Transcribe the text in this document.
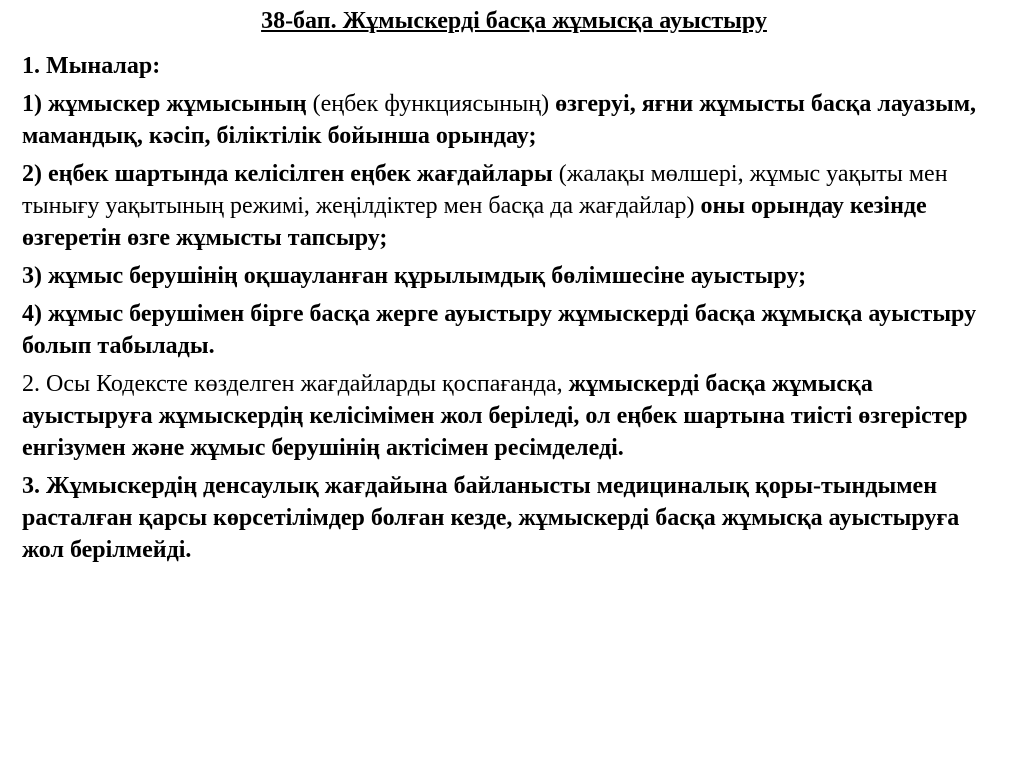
38-бап. Жұмыскерді басқа жұмысқа ауыстыру
1. Мыналар:
1) жұмыскер жұмысының (еңбек функциясының) өзгеруі, яғни жұмысты басқа лауазым, мамандық, кәсіп, біліктілік бойынша орындау;
2) еңбек шартында келісілген еңбек жағдайлары (жалақы мөлшері, жұмыс уақыты мен тынығу уақытының режимі, жеңілдіктер мен басқа да жағдайлар) оны орындау кезінде өзгеретін өзге жұмысты тапсыру;
3) жұмыс берушінің оқшауланған құрылымдық бөлімшесіне ауыстыру;
4) жұмыс берушімен бірге басқа жерге ауыстыру жұмыскерді басқа жұмысқа ауыстыру болып табылады.
2. Осы Кодексте көзделген жағдайларды қоспағанда, жұмыскерді басқа жұмысқа ауыстыруға жұмыскердің келісімімен жол беріледі, ол еңбек шартына тиісті өзгерістер енгізумен және жұмыс берушінің актісімен ресімделеді.
3. Жұмыскердің денсаулық жағдайына байланысты медициналық қоры-тындымен расталған қарсы көрсетілімдер болған кезде, жұмыскерді басқа жұмысқа ауыстыруға жол берілмейді.
